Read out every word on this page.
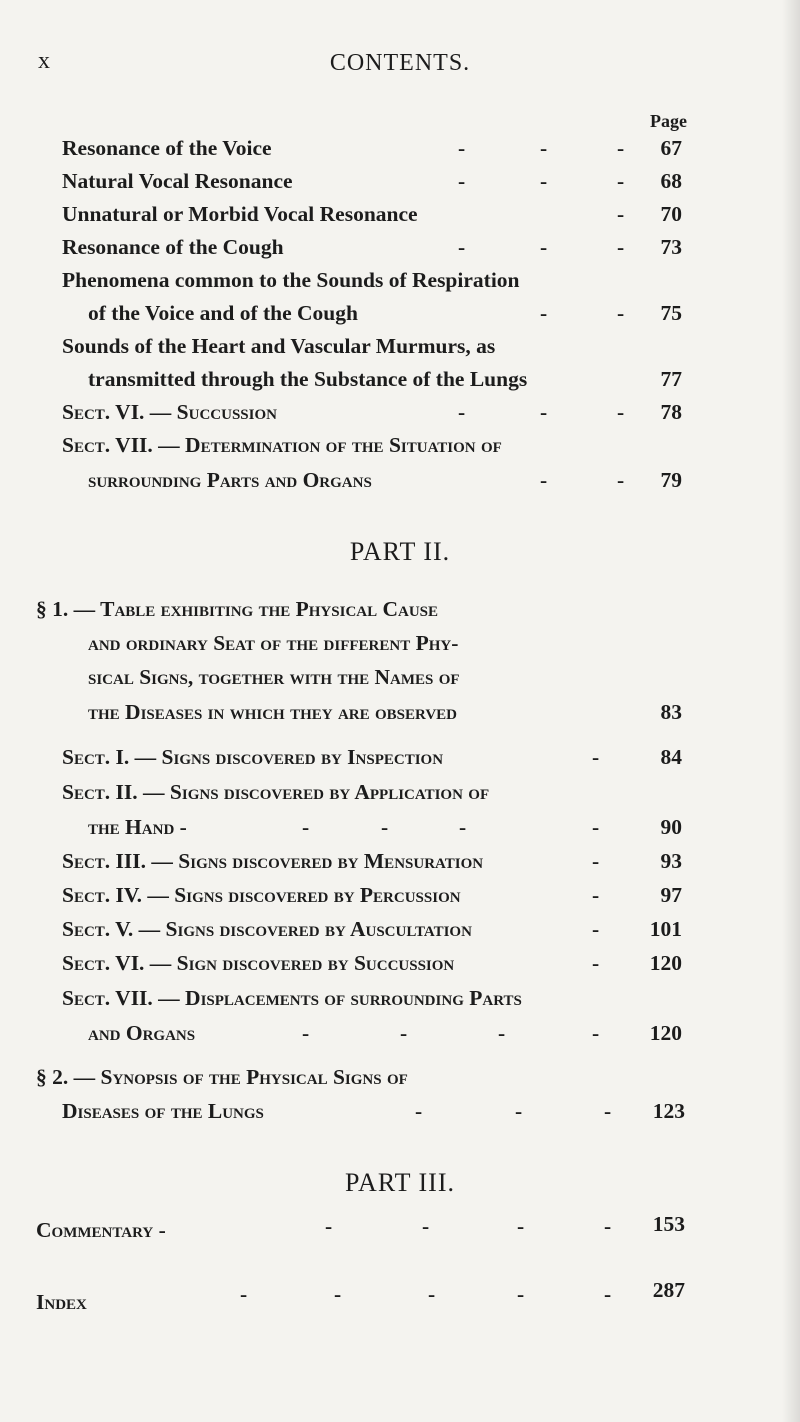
x	CONTENTS.
Page
Resonance of the Voice	-	-	-	67
Natural Vocal Resonance	-	-	-	68
Unnatural or Morbid Vocal Resonance	-	70
Resonance of the Cough	-	-	-	73
Phenomena common to the Sounds of Respiration
of the Voice and of the Cough	-	-	75
Sounds of the Heart and Vascular Murmurs, as
transmitted through the Substance of the Lungs	77
Sect. VI. — Succussion	-	-	-	78
Sect. VII. — Determination of the Situation of
surrounding Parts and Organs	-	-	79
PART II.
§ 1. — Table exhibiting the Physical Cause
and ordinary Seat of the different Phy-
sical Signs, together with the Names of
the Diseases in which they are observed	83
Sect. I. — Signs discovered by Inspection	-	84
Sect. II. — Signs discovered by Application of
the Hand -	-	-	-	-	90
Sect. III. — Signs discovered by Mensuration	-	93
Sect. IV. — Signs discovered by Percussion	-	97
Sect. V. — Signs discovered by Auscultation	-	101
Sect. VI. — Sign discovered by Succussion	-	120
Sect. VII. — Displacements of surrounding Parts
and Organs	-	-	-	-	120
§ 2. — Synopsis of the Physical Signs of
Diseases of the Lungs	-	-	-	123
PART III.
Commentary -	-	-	-	-	153
Index	-	-	-	-	-	287
